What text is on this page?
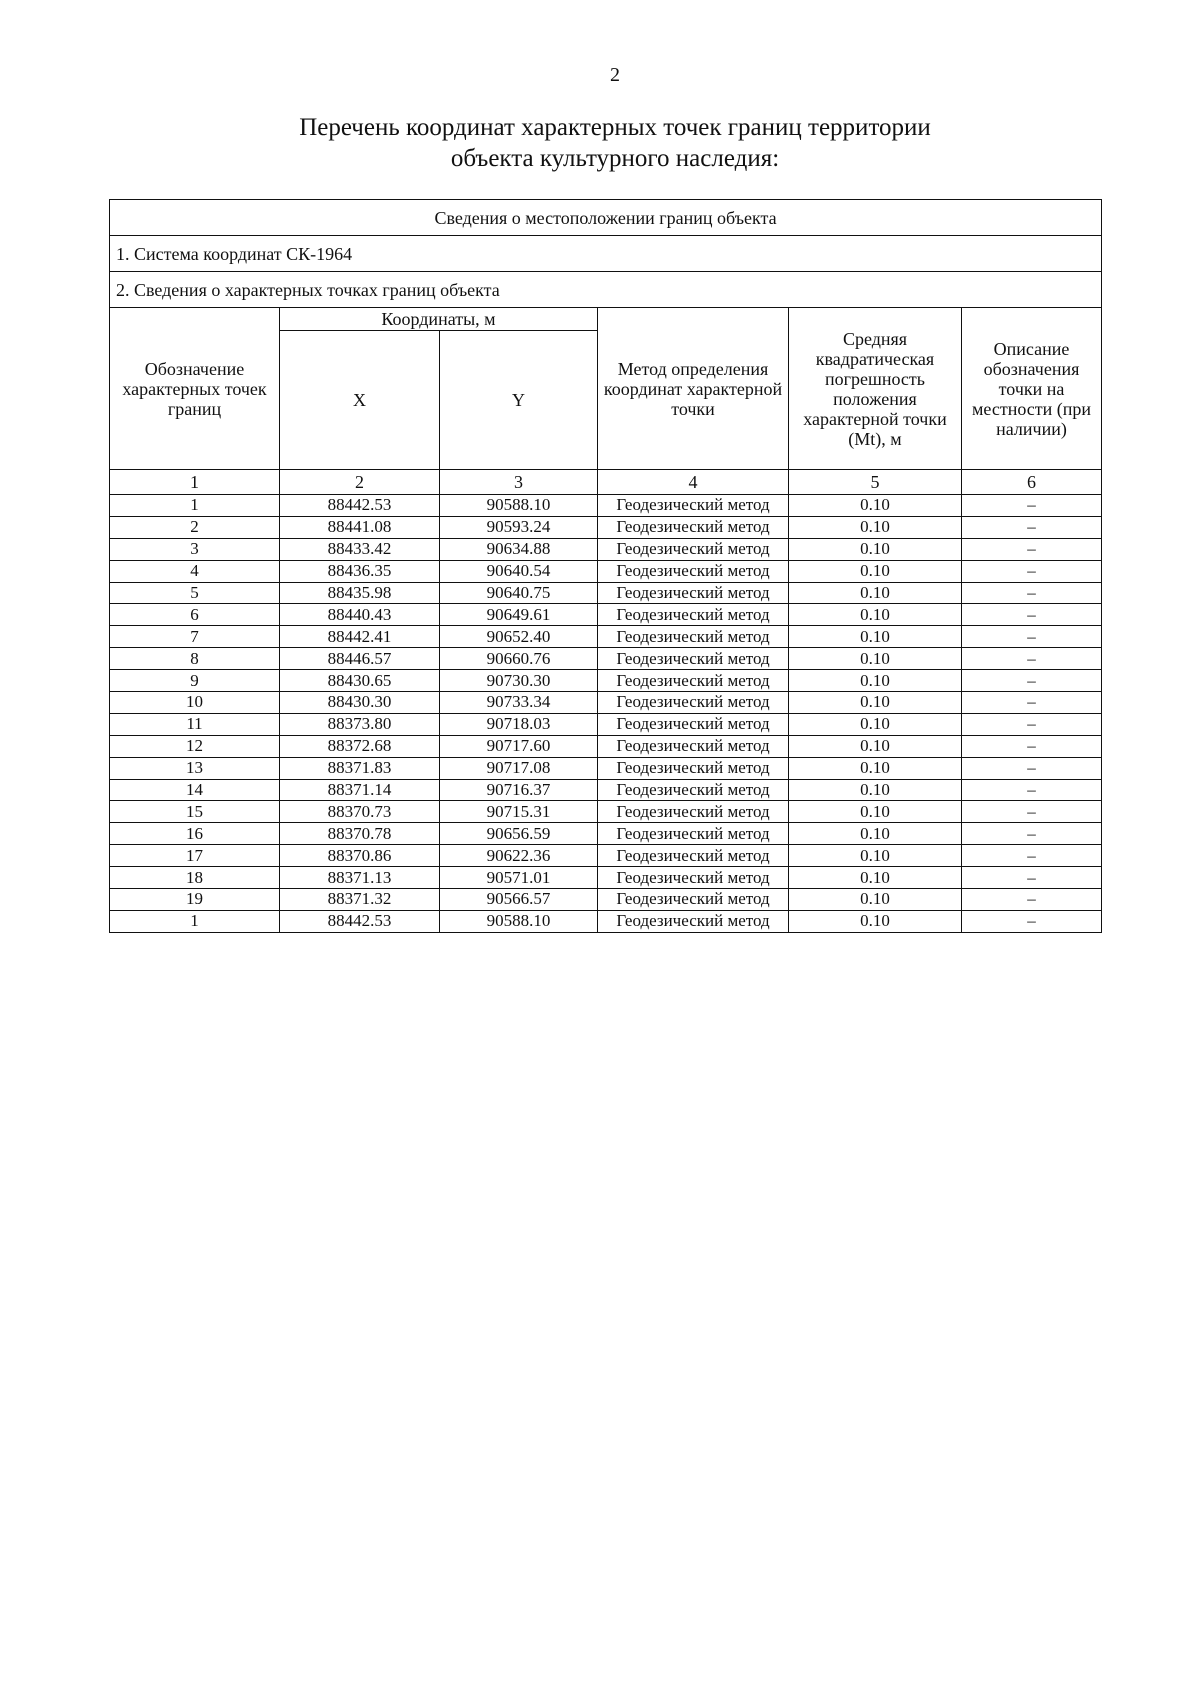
2
Перечень координат характерных точек границ территории
объекта культурного наследия:
Сведения о местоположении границ объекта					
1. Система координат СК-1964					
2. Сведения о характерных точках границ объекта					
Обозначение характерных точек границ	Координаты, м		Метод определения координат характерной точки	Средняя квадратическая погрешность положения характерной точки (Mt), м	Описание обозначения точки на местности (при наличии)
	X	Y			
1	2	3	4	5	6
1	88442.53	90588.10	Геодезический метод	0.10	–
2	88441.08	90593.24	Геодезический метод	0.10	–
3	88433.42	90634.88	Геодезический метод	0.10	–
4	88436.35	90640.54	Геодезический метод	0.10	–
5	88435.98	90640.75	Геодезический метод	0.10	–
6	88440.43	90649.61	Геодезический метод	0.10	–
7	88442.41	90652.40	Геодезический метод	0.10	–
8	88446.57	90660.76	Геодезический метод	0.10	–
9	88430.65	90730.30	Геодезический метод	0.10	–
10	88430.30	90733.34	Геодезический метод	0.10	–
11	88373.80	90718.03	Геодезический метод	0.10	–
12	88372.68	90717.60	Геодезический метод	0.10	–
13	88371.83	90717.08	Геодезический метод	0.10	–
14	88371.14	90716.37	Геодезический метод	0.10	–
15	88370.73	90715.31	Геодезический метод	0.10	–
16	88370.78	90656.59	Геодезический метод	0.10	–
17	88370.86	90622.36	Геодезический метод	0.10	–
18	88371.13	90571.01	Геодезический метод	0.10	–
19	88371.32	90566.57	Геодезический метод	0.10	–
1	88442.53	90588.10	Геодезический метод	0.10	–
